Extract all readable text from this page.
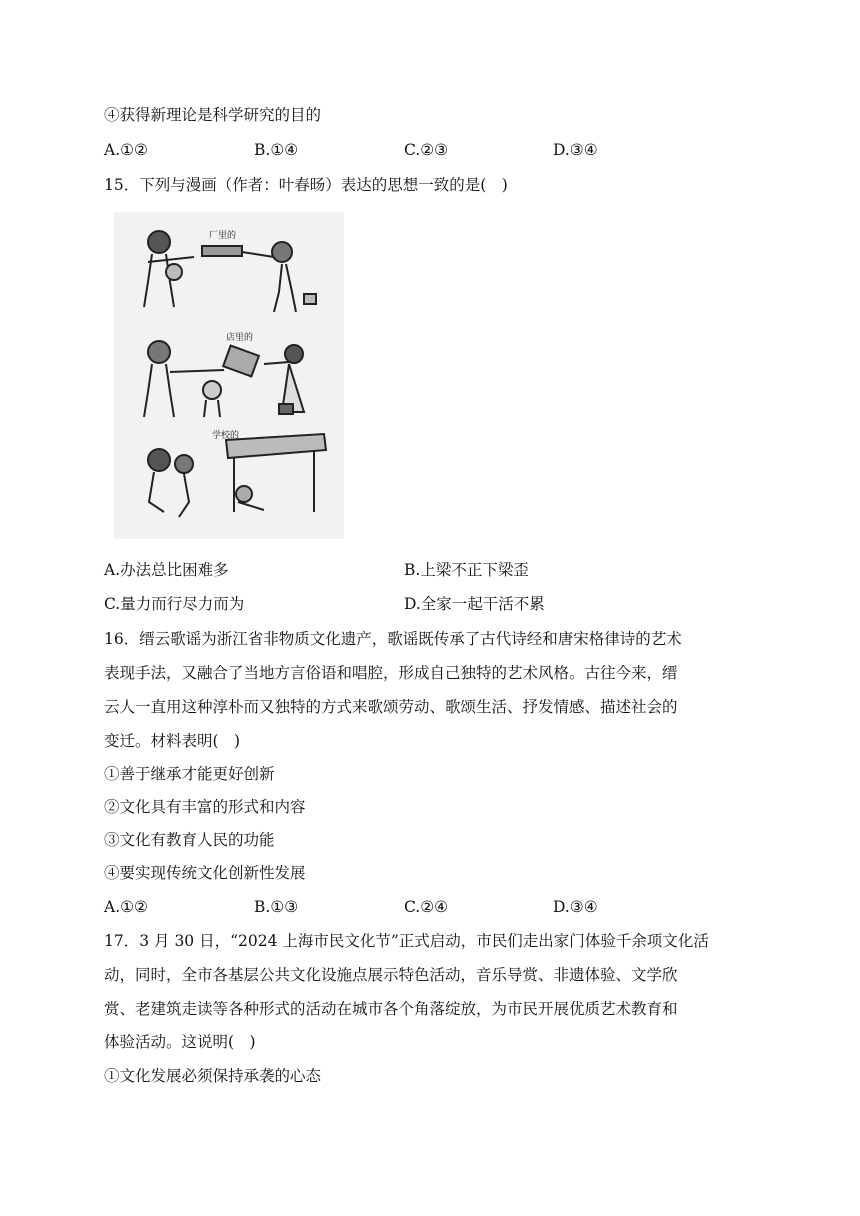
④获得新理论是科学研究的目的
A.①②	B.①④	C.②③	D.③④
15．下列与漫画（作者：叶春旸）表达的思想一致的是(　)
厂里的
店里的
学校的
A.办法总比困难多	B.上梁不正下梁歪
C.量力而行尽力而为	D.全家一起干活不累
16．缙云歌谣为浙江省非物质文化遗产，歌谣既传承了古代诗经和唐宋格律诗的艺术
表现手法，又融合了当地方言俗语和唱腔，形成自己独特的艺术风格。古往今来，缙
云人一直用这种淳朴而又独特的方式来歌颂劳动、歌颂生活、抒发情感、描述社会的
变迁。材料表明(　)
①善于继承才能更好创新
②文化具有丰富的形式和内容
③文化有教育人民的功能
④要实现传统文化创新性发展
A.①②	B.①③	C.②④	D.③④
17．3 月 30 日，“2024 上海市民文化节”正式启动，市民们走出家门体验千余项文化活
动，同时，全市各基层公共文化设施点展示特色活动，音乐导赏、非遗体验、文学欣
赏、老建筑走读等各种形式的活动在城市各个角落绽放，为市民开展优质艺术教育和
体验活动。这说明(　)
①文化发展必须保持承袭的心态
